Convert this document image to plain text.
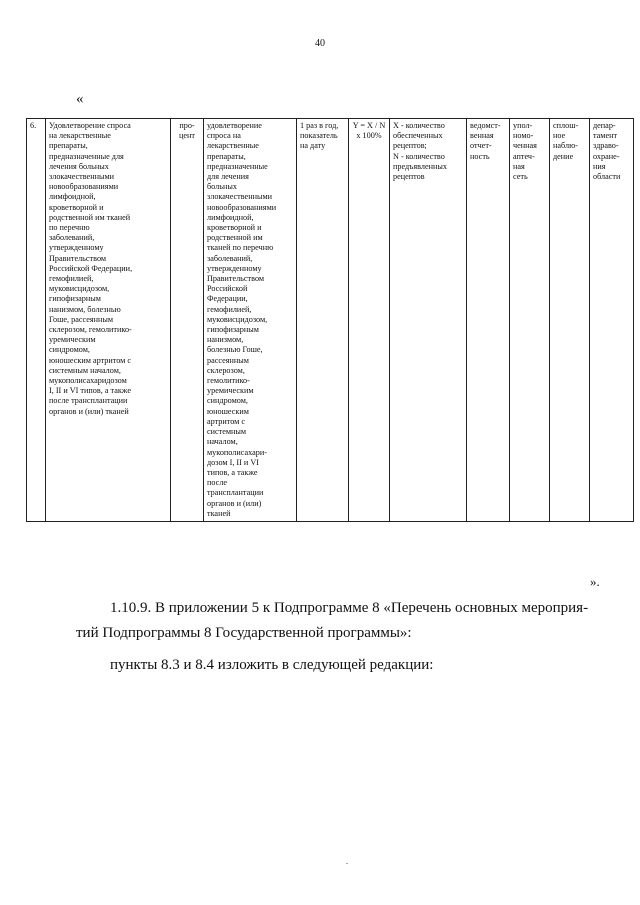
40
«
6.	Удовлетворение спроса
на лекарственные
препараты,
предназначенные для
лечения больных
злокачественными
новообразованиями
лимфоидной,
кроветворной и
родственной им тканей
по перечню
заболеваний,
утвержденному
Правительством
Российской Федерации,
гемофилией,
муковисцидозом,
гипофизарным
нанизмом, болезнью
Гоше, рассеянным
склерозом, гемолитико-
уремическим
синдромом,
юношеским артритом с
системным началом,
мукополисахаридозом
I, II и VI типов, а также
после трансплантации
органов и (или) тканей	про-
цент	удовлетворение
спроса на
лекарственные
препараты,
предназначенные
для лечения
больных
злокачественными
новообразованиями
лимфоидной,
кроветворной и
родственной им
тканей по перечню
заболеваний,
утвержденному
Правительством
Российской
Федерации,
гемофилией,
муковисцидозом,
гипофизарным
нанизмом,
болезнью Гоше,
рассеянным
склерозом,
гемолитико-
уремическим
синдромом,
юношеским
артритом с
системным
началом,
мукополисахари-
дозом I, II и VI
типов, а также
после
трансплантации
органов и (или)
тканей	1 раз в год,
показатель
на дату	Y = X / N
x 100%	X - количество
обеспеченных
рецептов;
N - количество
предъявленных
рецептов	ведомст-
венная
отчет-
ность	упол-
номо-
ченная
аптеч-
ная
сеть	сплош-
ное
наблю-
дение	депар-
тамент
здраво-
охране-
ния
области
».
1.10.9. В приложении 5 к Подпрограмме 8 «Перечень основных мероприя-
тий Подпрограммы 8 Государственной программы»:
пункты 8.3 и 8.4 изложить в следующей редакции:
.
